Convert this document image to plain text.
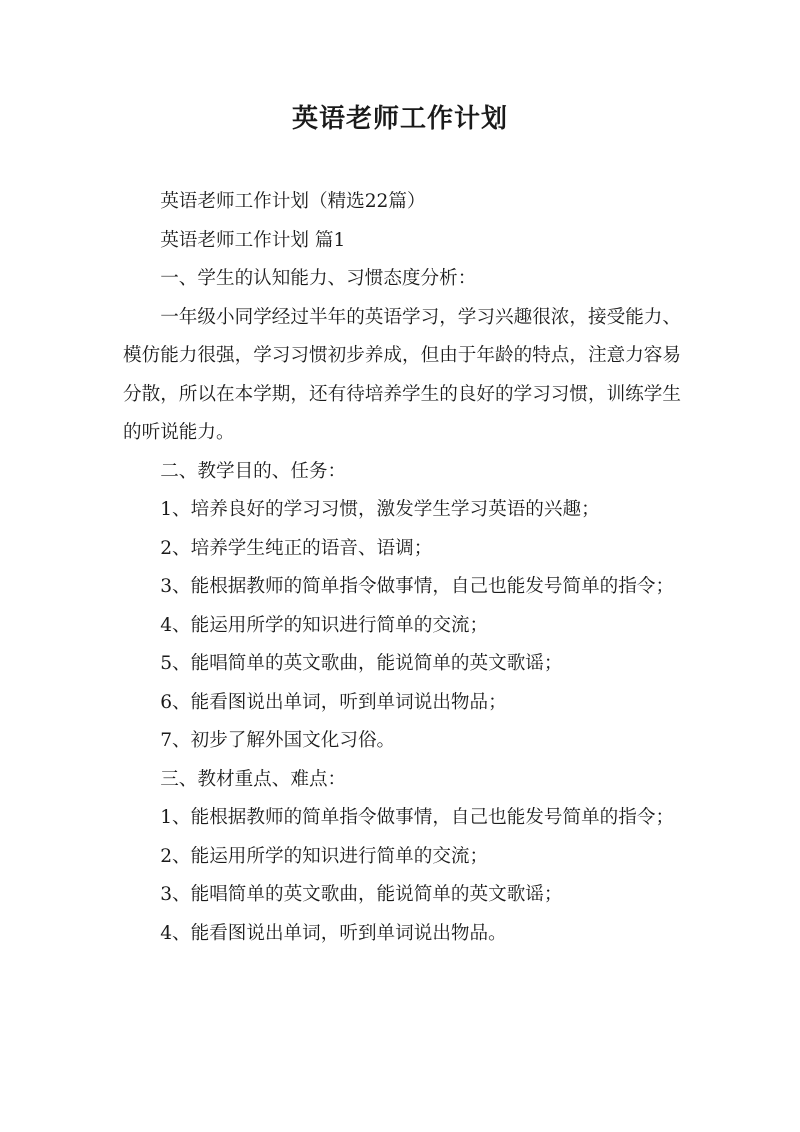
英语老师工作计划

英语老师工作计划（精选22篇）

英语老师工作计划 篇1

一、学生的认知能力、习惯态度分析：

一年级小同学经过半年的英语学习，学习兴趣很浓，接受能力、模仿能力很强，学习习惯初步养成，但由于年龄的特点，注意力容易分散，所以在本学期，还有待培养学生的良好的学习习惯，训练学生的听说能力。

二、教学目的、任务：

1、培养良好的学习习惯，激发学生学习英语的兴趣；

2、培养学生纯正的语音、语调；

3、能根据教师的简单指令做事情，自己也能发号简单的指令；

4、能运用所学的知识进行简单的交流；

5、能唱简单的英文歌曲，能说简单的英文歌谣；

6、能看图说出单词，听到单词说出物品；

7、初步了解外国文化习俗。

三、教材重点、难点：

1、能根据教师的简单指令做事情，自己也能发号简单的指令；

2、能运用所学的知识进行简单的交流；

3、能唱简单的英文歌曲，能说简单的英文歌谣；

4、能看图说出单词，听到单词说出物品。
